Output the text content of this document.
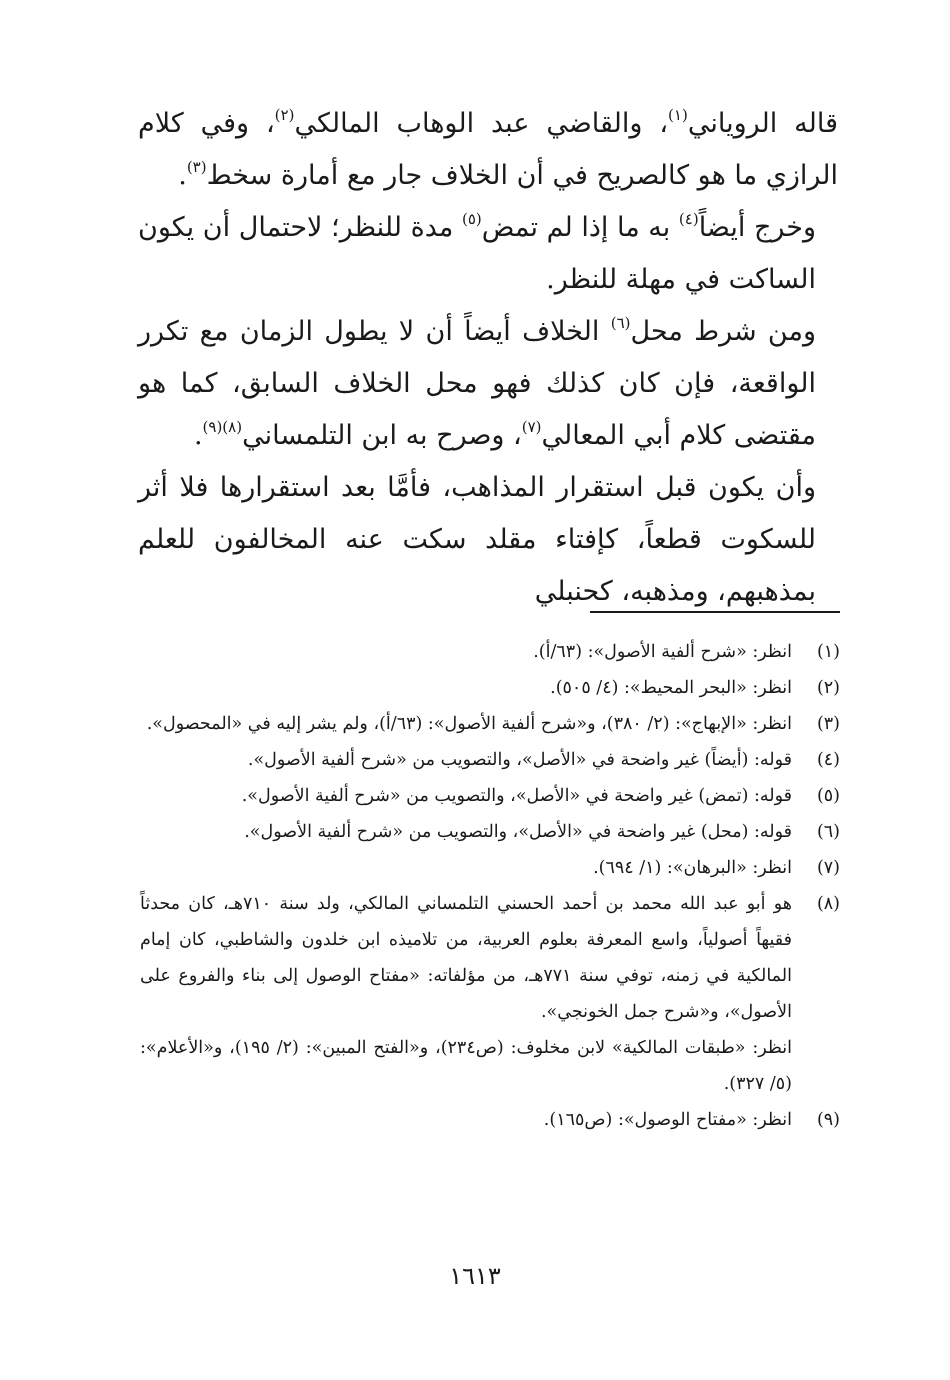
قاله الروياني$^{(١)}$، والقاضي عبد الوهاب المالكي$^{(٢)}$، وفي كلام الرازي ما هو كالصريح في أن الخلاف جار مع أمارة سخط$^{(٣)}$.

وخرج أيضاً$^{(٤)}$ به ما إذا لم تمض$^{(٥)}$ مدة للنظر؛ لاحتمال أن يكون الساكت في مهلة للنظر.

ومن شرط محل$^{(٦)}$ الخلاف أيضاً أن لا يطول الزمان مع تكرر الواقعة، فإن كان كذلك فهو محل الخلاف السابق، كما هو مقتضى كلام أبي المعالي$^{(٧)}$، وصرح به ابن التلمساني$^{(٨)(٩)}$.

وأن يكون قبل استقرار المذاهب، فأمَّا بعد استقرارها فلا أثر للسكوت قطعاً، كإفتاء مقلد سكت عنه المخالفون للعلم بمذهبهم، ومذهبه، كحنبلي

(١)
انظر: «شرح ألفية الأصول»: (٦٣/أ).
(٢)
انظر: «البحر المحيط»: (٤/ ٥٠٥).
(٣)
انظر: «الإبهاج»: (٢/ ٣٨٠)، و«شرح ألفية الأصول»: (٦٣/أ)، ولم يشر إليه في «المحصول».
(٤)
قوله: (أيضاً) غير واضحة في «الأصل»، والتصويب من «شرح ألفية الأصول».
(٥)
قوله: (تمض) غير واضحة في «الأصل»، والتصويب من «شرح ألفية الأصول».
(٦)
قوله: (محل) غير واضحة في «الأصل»، والتصويب من «شرح ألفية الأصول».
(٧)
انظر: «البرهان»: (١/ ٦٩٤).
(٨)
هو أبو عبد الله محمد بن أحمد الحسني التلمساني المالكي، ولد سنة ٧١٠هـ، كان محدثاً فقيهاً أصولياً، واسع المعرفة بعلوم العربية، من تلاميذه ابن خلدون والشاطبي، كان إمام المالكية في زمنه، توفي سنة ٧٧١هـ، من مؤلفاته: «مفتاح الوصول إلى بناء والفروع على الأصول»، و«شرح جمل الخونجي».
انظر: «طبقات المالكية» لابن مخلوف: (ص٢٣٤)، و«الفتح المبين»: (٢/ ١٩٥)، و«الأعلام»: (٥/ ٣٢٧).
(٩)
انظر: «مفتاح الوصول»: (ص١٦٥).
١٦١٣
